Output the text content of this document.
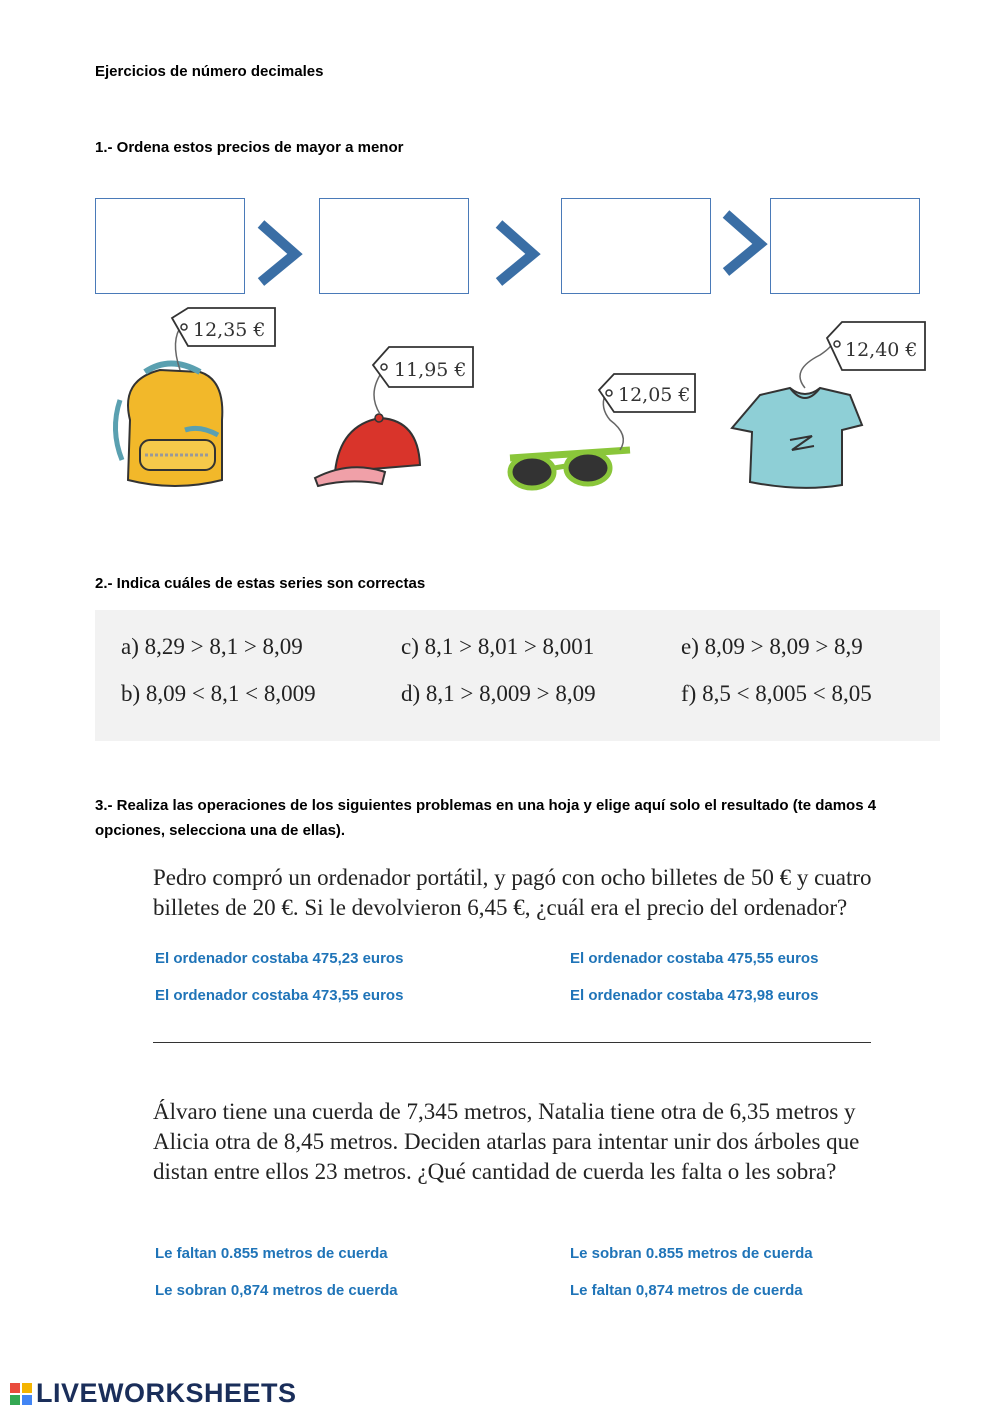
Ejercicios de número decimales
1.- Ordena estos precios de mayor a menor
12,35 €
11,95 €
12,05 €
12,40 €
2.- Indica cuáles de estas series son correctas
a) 8,29 > 8,1 > 8,09
b) 8,09 < 8,1 < 8,009
c) 8,1 > 8,01 > 8,001
d) 8,1 > 8,009 > 8,09
e) 8,09 > 8,09 > 8,9
f) 8,5 < 8,005 < 8,05
3.- Realiza las operaciones de los siguientes problemas en una hoja y elige aquí solo el resultado (te damos 4
opciones, selecciona una de ellas).
Pedro compró un ordenador portátil, y pagó con ocho billetes de 50 € y cuatro
billetes de 20 €. Si le devolvieron 6,45 €, ¿cuál era el precio del ordenador?
El ordenador costaba 475,23 euros	El ordenador costaba 475,55 euros
El ordenador costaba 473,55 euros	El ordenador costaba 473,98 euros
Álvaro tiene una cuerda de 7,345 metros, Natalia tiene otra de 6,35 metros y
Alicia otra de 8,45 metros. Deciden atarlas para intentar unir dos árboles que
distan entre ellos 23 metros. ¿Qué cantidad de cuerda les falta o les sobra?
Le faltan 0.855 metros de cuerda	Le sobran 0.855 metros de cuerda
Le sobran 0,874 metros de cuerda	Le faltan 0,874 metros de cuerda
LIVEWORKSHEETS
